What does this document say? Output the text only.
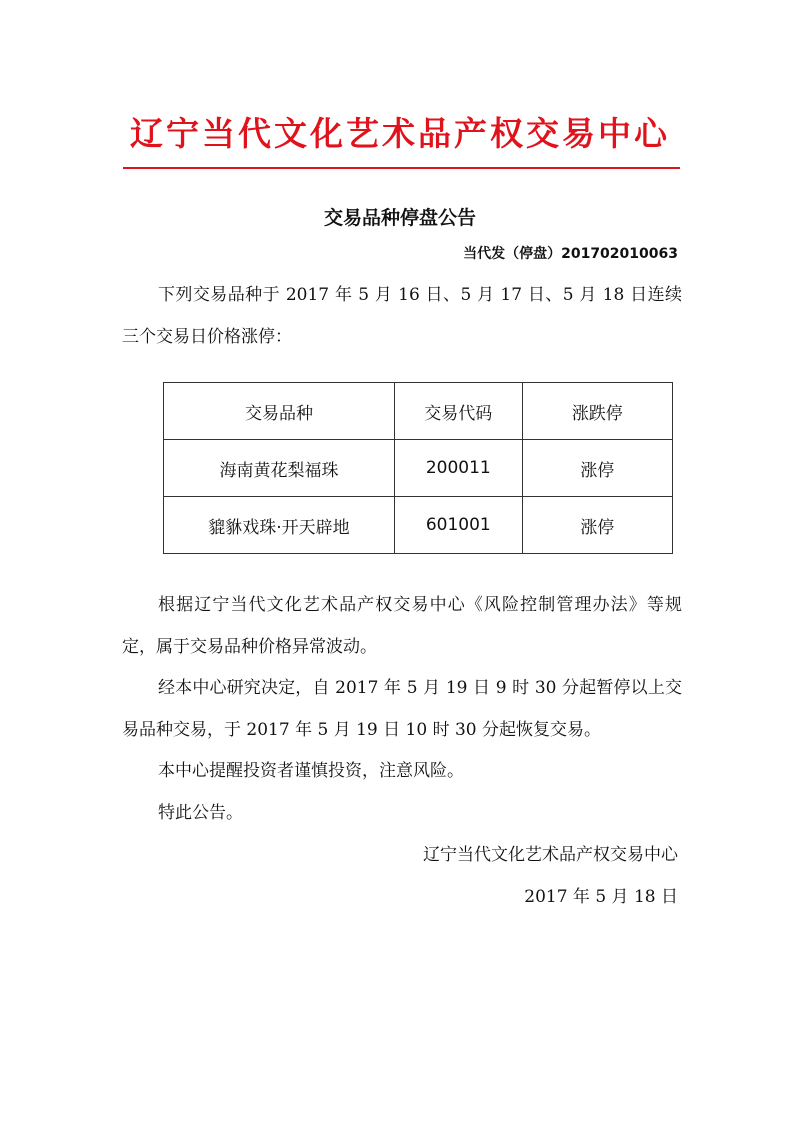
辽宁当代文化艺术品产权交易中心
交易品种停盘公告
当代发（停盘）201702010063
下列交易品种于 2017 年 5 月 16 日、5 月 17 日、5 月 18 日连续三个交易日价格涨停：
交易品种	交易代码	涨跌停
海南黄花梨福珠	200011	涨停
貔貅戏珠·开天辟地	601001	涨停
根据辽宁当代文化艺术品产权交易中心《风险控制管理办法》等规定，属于交易品种价格异常波动。
经本中心研究决定，自 2017 年 5 月 19 日 9 时 30 分起暂停以上交易品种交易，于 2017 年 5 月 19 日 10 时 30 分起恢复交易。
本中心提醒投资者谨慎投资，注意风险。
特此公告。
辽宁当代文化艺术品产权交易中心
2017 年 5 月 18 日
